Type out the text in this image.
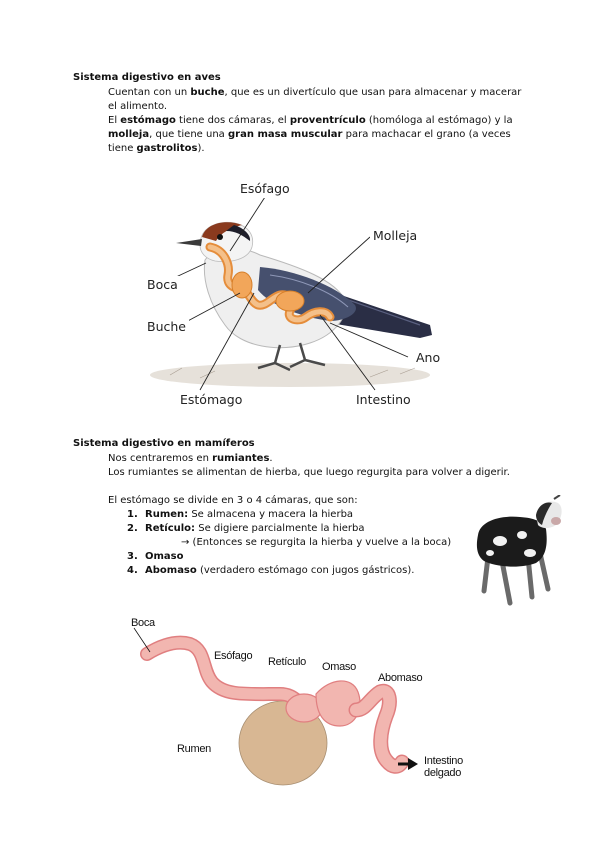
Sistema digestivo en aves
Cuentan con un buche, que es un divertículo que usan para almacenar y macerar
el alimento.
El estómago tiene dos cámaras, el proventrículo (homóloga al estómago) y la
molleja, que tiene una gran masa muscular para machacar el grano (a veces
tiene gastrolitos).
Esófago
Molleja
Boca
Buche
Ano
Estómago	Intestino
Sistema digestivo en mamíferos
Nos centraremos en rumiantes.
Los rumiantes se alimentan de hierba, que luego regurgita para volver a digerir.
El estómago se divide en 3 o 4 cámaras, que son:
1. Rumen: Se almacena y macera la hierba
2. Retículo: Se digiere parcialmente la hierba
→ (Entonces se regurgita la hierba y vuelve a la boca)
3. Omaso
4. Abomaso (verdadero estómago con jugos gástricos).
Boca
Esófago Retículo Omaso
Abomaso
Rumen
Intestino
delgado
